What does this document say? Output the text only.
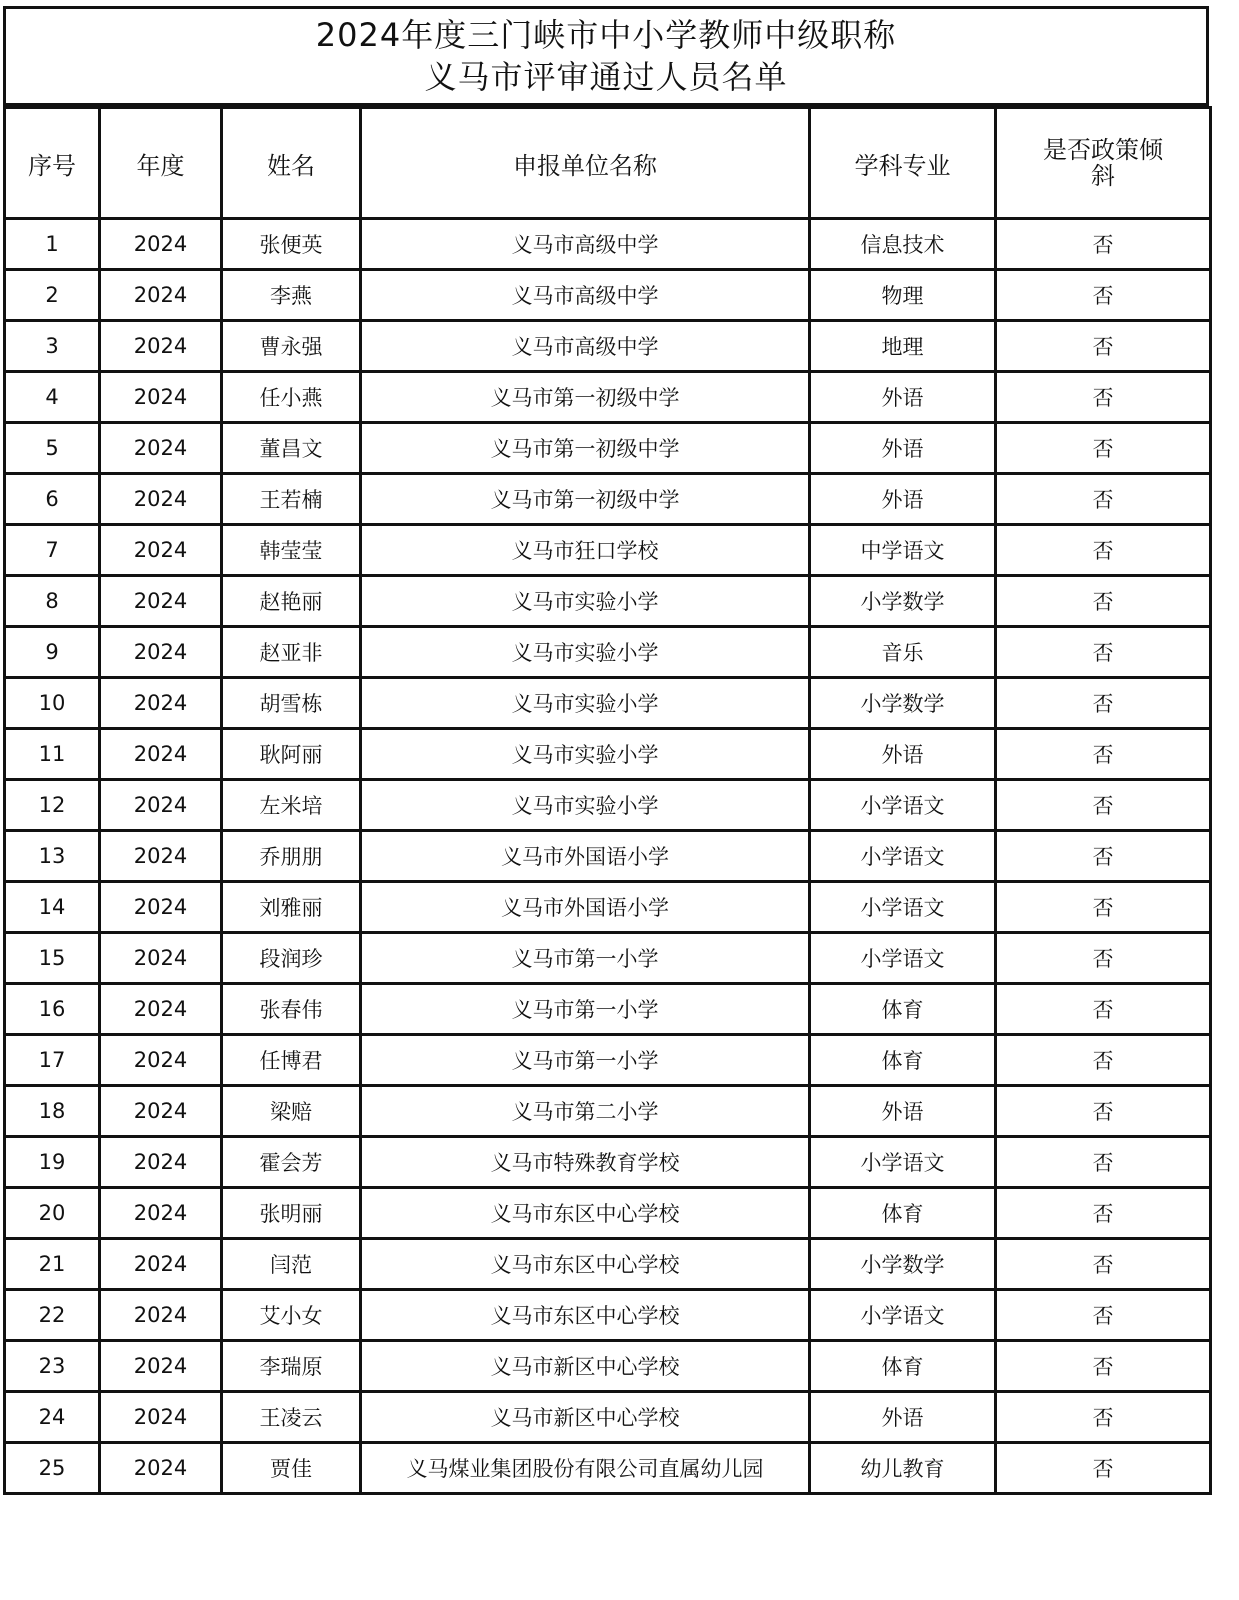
2024年度三门峡市中小学教师中级职称
义马市评审通过人员名单
序号	年度	姓名	申报单位名称	学科专业	是否政策倾斜
1	2024	张便英	义马市高级中学	信息技术	否
2	2024	李燕	义马市高级中学	物理	否
3	2024	曹永强	义马市高级中学	地理	否
4	2024	任小燕	义马市第一初级中学	外语	否
5	2024	董昌文	义马市第一初级中学	外语	否
6	2024	王若楠	义马市第一初级中学	外语	否
7	2024	韩莹莹	义马市狂口学校	中学语文	否
8	2024	赵艳丽	义马市实验小学	小学数学	否
9	2024	赵亚非	义马市实验小学	音乐	否
10	2024	胡雪栋	义马市实验小学	小学数学	否
11	2024	耿阿丽	义马市实验小学	外语	否
12	2024	左米培	义马市实验小学	小学语文	否
13	2024	乔朋朋	义马市外国语小学	小学语文	否
14	2024	刘雅丽	义马市外国语小学	小学语文	否
15	2024	段润珍	义马市第一小学	小学语文	否
16	2024	张春伟	义马市第一小学	体育	否
17	2024	任博君	义马市第一小学	体育	否
18	2024	梁赔	义马市第二小学	外语	否
19	2024	霍会芳	义马市特殊教育学校	小学语文	否
20	2024	张明丽	义马市东区中心学校	体育	否
21	2024	闫范	义马市东区中心学校	小学数学	否
22	2024	艾小女	义马市东区中心学校	小学语文	否
23	2024	李瑞原	义马市新区中心学校	体育	否
24	2024	王凌云	义马市新区中心学校	外语	否
25	2024	贾佳	义马煤业集团股份有限公司直属幼儿园	幼儿教育	否
